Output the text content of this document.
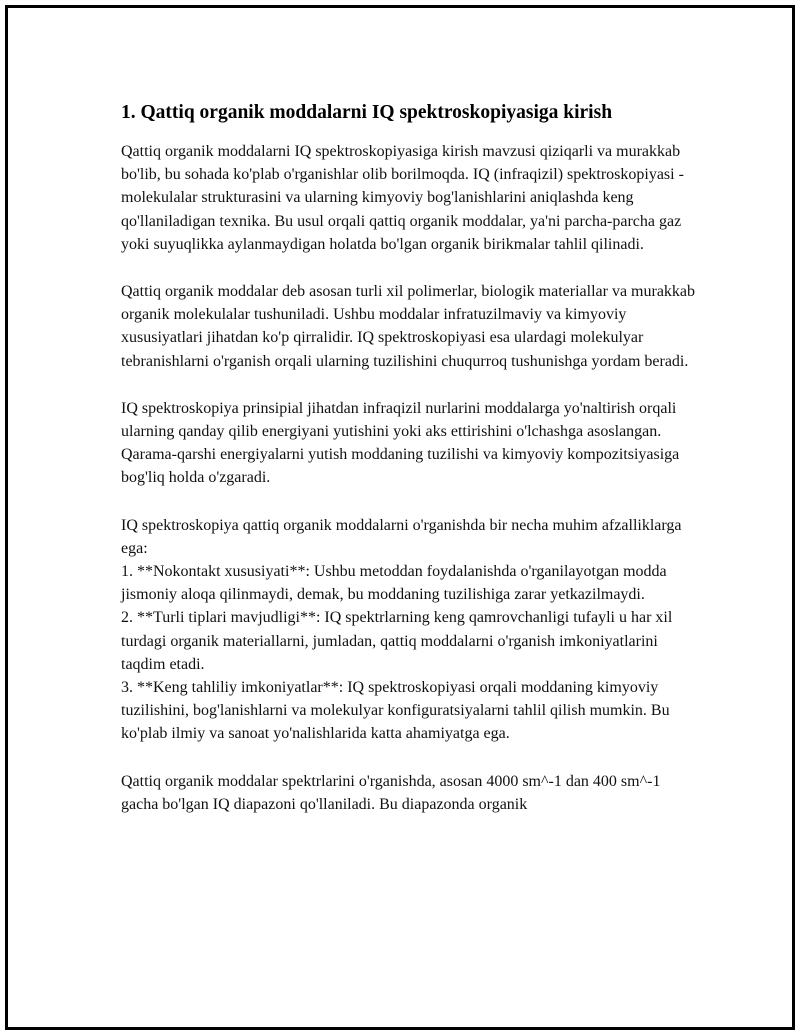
1. Qattiq organik moddalarni IQ spektroskopiyasiga kirish

Qattiq organik moddalarni IQ spektroskopiyasiga kirish mavzusi qiziqarli va murakkab bo'lib, bu sohada ko'plab o'rganishlar olib borilmoqda. IQ (infraqizil) spektroskopiyasi - molekulalar strukturasini va ularning kimyoviy bog'lanishlarini aniqlashda keng qo'llaniladigan texnika. Bu usul orqali qattiq organik moddalar, ya'ni parcha-parcha gaz yoki suyuqlikka aylanmaydigan holatda bo'lgan organik birikmalar tahlil qilinadi.

Qattiq organik moddalar deb asosan turli xil polimerlar, biologik materiallar va murakkab organik molekulalar tushuniladi. Ushbu moddalar infratuzilmaviy va kimyoviy xususiyatlari jihatdan ko'p qirralidir. IQ spektroskopiyasi esa ulardagi molekulyar tebranishlarni o'rganish orqali ularning tuzilishini chuqurroq tushunishga yordam beradi.

IQ spektroskopiya prinsipial jihatdan infraqizil nurlarini moddalarga yo'naltirish orqali ularning qanday qilib energiyani yutishini yoki aks ettirishini o'lchashga asoslangan. Qarama-qarshi energiyalarni yutish moddaning tuzilishi va kimyoviy kompozitsiyasiga bog'liq holda o'zgaradi.

IQ spektroskopiya qattiq organik moddalarni o'rganishda bir necha muhim afzalliklarga ega:
1. **Nokontakt xususiyati**: Ushbu metoddan foydalanishda o'rganilayotgan modda jismoniy aloqa qilinmaydi, demak, bu moddaning tuzilishiga zarar yetkazilmaydi.
2. **Turli tiplari mavjudligi**: IQ spektrlarning keng qamrovchanligi tufayli u har xil turdagi organik materiallarni, jumladan, qattiq moddalarni o'rganish imkoniyatlarini taqdim etadi.
3. **Keng tahliliy imkoniyatlar**: IQ spektroskopiyasi orqali moddaning kimyoviy tuzilishini, bog'lanishlarni va molekulyar konfiguratsiyalarni tahlil qilish mumkin. Bu ko'plab ilmiy va sanoat yo'nalishlarida katta ahamiyatga ega.

Qattiq organik moddalar spektrlarini o'rganishda, asosan 4000 sm^-1 dan 400 sm^-1 gacha bo'lgan IQ diapazoni qo'llaniladi. Bu diapazonda organik
